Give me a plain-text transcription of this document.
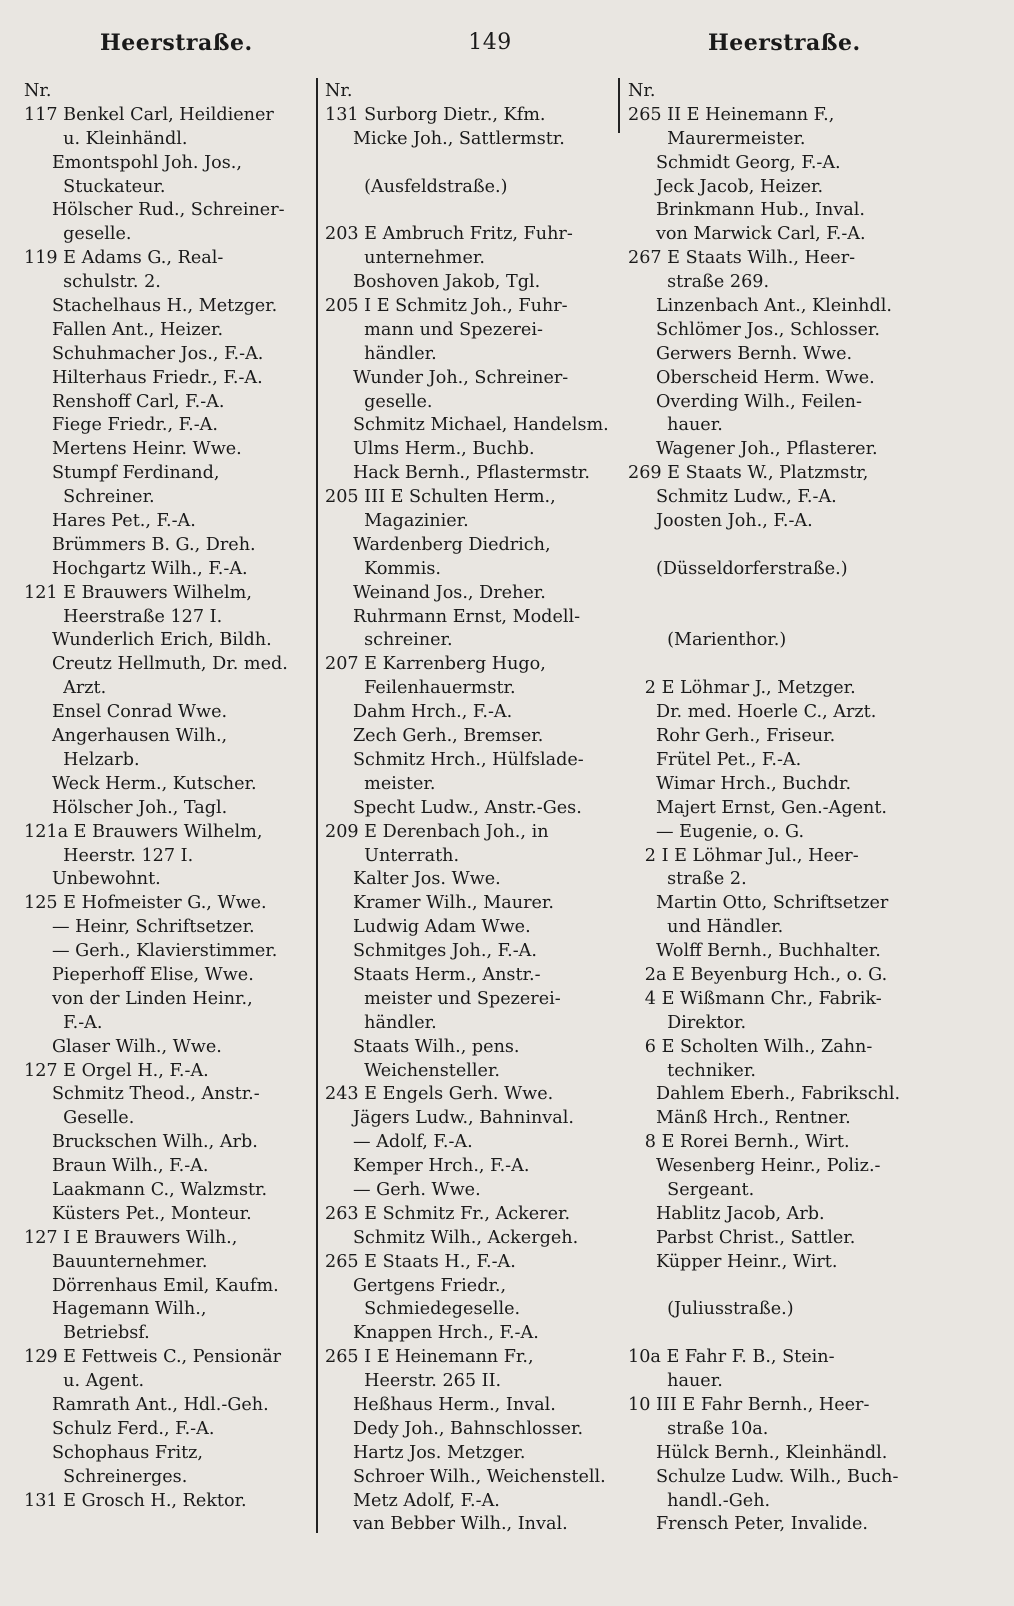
Heerstraße.	149	Heerstraße.
Nr.
117 Benkel Carl, Heildiener
u. Kleinhändl.
Emontspohl Joh. Jos.,
Stuckateur.
Hölscher Rud., Schreiner-
geselle.
119 E Adams G., Real-
schulstr. 2.
Stachelhaus H., Metzger.
Fallen Ant., Heizer.
Schuhmacher Jos., F.-A.
Hilterhaus Friedr., F.-A.
Renshoff Carl, F.-A.
Fiege Friedr., F.-A.
Mertens Heinr. Wwe.
Stumpf Ferdinand,
Schreiner.
Hares Pet., F.-A.
Brümmers B. G., Dreh.
Hochgartz Wilh., F.-A.
121 E Brauwers Wilhelm,
Heerstraße 127 I.
Wunderlich Erich, Bildh.
Creutz Hellmuth, Dr. med.
Arzt.
Ensel Conrad Wwe.
Angerhausen Wilh.,
Helzarb.
Weck Herm., Kutscher.
Hölscher Joh., Tagl.
121a E Brauwers Wilhelm,
Heerstr. 127 I.
Unbewohnt.
125 E Hofmeister G., Wwe.
— Heinr, Schriftsetzer.
— Gerh., Klavierstimmer.
Pieperhoff Elise, Wwe.
von der Linden Heinr.,
F.-A.
Glaser Wilh., Wwe.
127 E Orgel H., F.-A.
Schmitz Theod., Anstr.-
Geselle.
Bruckschen Wilh., Arb.
Braun Wilh., F.-A.
Laakmann C., Walzmstr.
Küsters Pet., Monteur.
127 I E Brauwers Wilh.,
Bauunternehmer.
Dörrenhaus Emil, Kaufm.
Hagemann Wilh.,
Betriebsf.
129 E Fettweis C., Pensionär
u. Agent.
Ramrath Ant., Hdl.-Geh.
Schulz Ferd., F.-A.
Schophaus Fritz,
Schreinerges.
131 E Grosch H., Rektor.
Nr.
131 Surborg Dietr., Kfm.
Micke Joh., Sattlermstr.
(Ausfeldstraße.)
203 E Ambruch Fritz, Fuhr-
unternehmer.
Boshoven Jakob, Tgl.
205 I E Schmitz Joh., Fuhr-
mann und Spezerei-
händler.
Wunder Joh., Schreiner-
geselle.
Schmitz Michael, Handelsm.
Ulms Herm., Buchb.
Hack Bernh., Pflastermstr.
205 III E Schulten Herm.,
Magazinier.
Wardenberg Diedrich,
Kommis.
Weinand Jos., Dreher.
Ruhrmann Ernst, Modell-
schreiner.
207 E Karrenberg Hugo,
Feilenhauermstr.
Dahm Hrch., F.-A.
Zech Gerh., Bremser.
Schmitz Hrch., Hülfslade-
meister.
Specht Ludw., Anstr.-Ges.
209 E Derenbach Joh., in
Unterrath.
Kalter Jos. Wwe.
Kramer Wilh., Maurer.
Ludwig Adam Wwe.
Schmitges Joh., F.-A.
Staats Herm., Anstr.-
meister und Spezerei-
händler.
Staats Wilh., pens.
Weichensteller.
243 E Engels Gerh. Wwe.
Jägers Ludw., Bahninval.
— Adolf, F.-A.
Kemper Hrch., F.-A.
— Gerh. Wwe.
263 E Schmitz Fr., Ackerer.
Schmitz Wilh., Ackergeh.
265 E Staats H., F.-A.
Gertgens Friedr.,
Schmiedegeselle.
Knappen Hrch., F.-A.
265 I E Heinemann Fr.,
Heerstr. 265 II.
Heßhaus Herm., Inval.
Dedy Joh., Bahnschlosser.
Hartz Jos. Metzger.
Schroer Wilh., Weichenstell.
Metz Adolf, F.-A.
van Bebber Wilh., Inval.
Nr.
265 II E Heinemann F.,
Maurermeister.
Schmidt Georg, F.-A.
Jeck Jacob, Heizer.
Brinkmann Hub., Inval.
von Marwick Carl, F.-A.
267 E Staats Wilh., Heer-
straße 269.
Linzenbach Ant., Kleinhdl.
Schlömer Jos., Schlosser.
Gerwers Bernh. Wwe.
Oberscheid Herm. Wwe.
Overding Wilh., Feilen-
hauer.
Wagener Joh., Pflasterer.
269 E Staats W., Platzmstr,
Schmitz Ludw., F.-A.
Joosten Joh., F.-A.
(Düsseldorferstraße.)
(Marienthor.)
2 E Löhmar J., Metzger.
Dr. med. Hoerle C., Arzt.
Rohr Gerh., Friseur.
Frütel Pet., F.-A.
Wimar Hrch., Buchdr.
Majert Ernst, Gen.-Agent.
— Eugenie, o. G.
2 I E Löhmar Jul., Heer-
straße 2.
Martin Otto, Schriftsetzer
und Händler.
Wolff Bernh., Buchhalter.
2a E Beyenburg Hch., o. G.
4 E Wißmann Chr., Fabrik-
Direktor.
6 E Scholten Wilh., Zahn-
techniker.
Dahlem Eberh., Fabrikschl.
Mänß Hrch., Rentner.
8 E Rorei Bernh., Wirt.
Wesenberg Heinr., Poliz.-
Sergeant.
Hablitz Jacob, Arb.
Parbst Christ., Sattler.
Küpper Heinr., Wirt.
(Juliusstraße.)
10a E Fahr F. B., Stein-
hauer.
10 III E Fahr Bernh., Heer-
straße 10a.
Hülck Bernh., Kleinhändl.
Schulze Ludw. Wilh., Buch-
handl.-Geh.
Frensch Peter, Invalide.
